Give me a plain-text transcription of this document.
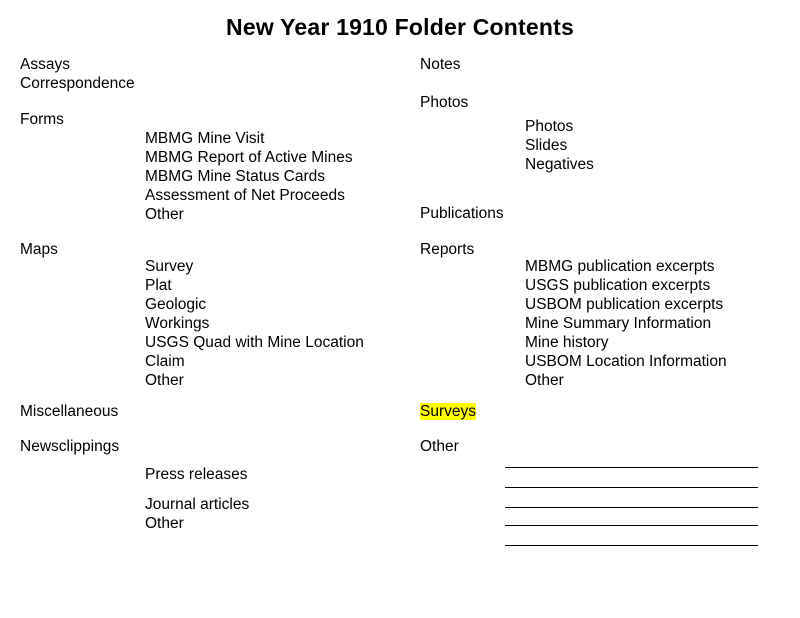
New Year 1910 Folder Contents
Assays
Correspondence
Forms
MBMG Mine Visit
MBMG Report of Active Mines
MBMG Mine Status Cards
Assessment of Net Proceeds
Other
Maps
Survey
Plat
Geologic
Workings
USGS Quad with Mine Location
Claim
Other
Miscellaneous
Newsclippings
Press releases
Journal articles
Other
Notes
Photos
Photos
Slides
Negatives
Publications
Reports
MBMG publication excerpts
USGS publication excerpts
USBOM publication excerpts
Mine Summary Information
Mine history
USBOM Location Information
Other
Surveys
Other
